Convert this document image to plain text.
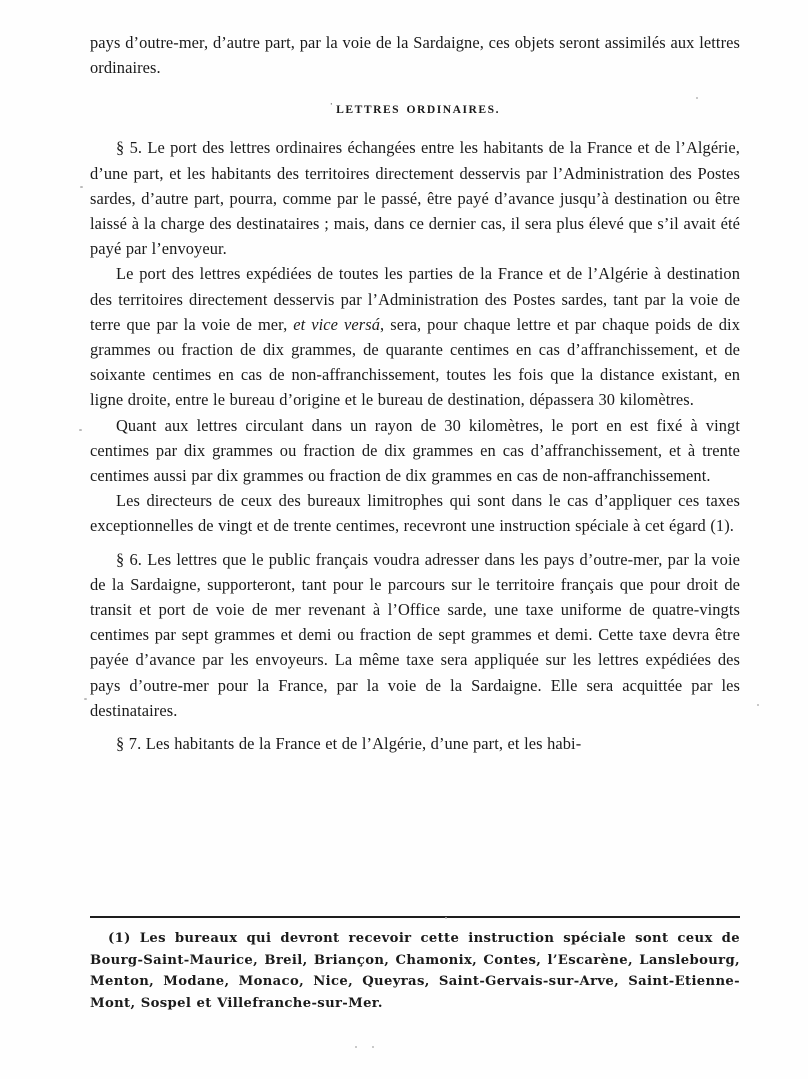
pays d’outre-mer, d’autre part, par la voie de la Sardaigne, ces objets seront assimilés aux lettres ordinaires.

˙ LETTRES ORDINAIRES.

§ 5. Le port des lettres ordinaires échangées entre les habitants de la France et de l’Algérie, d’une part, et les habitants des territoires directement desservis par l’Administration des Postes sardes, d’autre part, pourra, comme par le passé, être payé d’avance jusqu’à destination ou être laissé à la charge des destinataires ; mais, dans ce dernier cas, il sera plus élevé que s’il avait été payé par l’envoyeur.

Le port des lettres expédiées de toutes les parties de la France et de l’Algérie à destination des territoires directement desservis par l’Administration des Postes sardes, tant par la voie de terre que par la voie de mer, et vice versá, sera, pour chaque lettre et par chaque poids de dix grammes ou fraction de dix grammes, de quarante centimes en cas d’affranchissement, et de soixante centimes en cas de non-affranchissement, toutes les fois que la distance existant, en ligne droite, entre le bureau d’origine et le bureau de destination, dépassera 30 kilomètres.

Quant aux lettres circulant dans un rayon de 30 kilomètres, le port en est fixé à vingt centimes par dix grammes ou fraction de dix grammes en cas d’affranchissement, et à trente centimes aussi par dix grammes ou fraction de dix grammes en cas de non-affranchissement.

Les directeurs de ceux des bureaux limitrophes qui sont dans le cas d’appliquer ces taxes exceptionnelles de vingt et de trente centimes, recevront une instruction spéciale à cet égard (1).

§ 6. Les lettres que le public français voudra adresser dans les pays d’outre-mer, par la voie de la Sardaigne, supporteront, tant pour le parcours sur le territoire français que pour droit de transit et port de voie de mer revenant à l’Office sarde, une taxe uniforme de quatre-vingts centimes par sept grammes et demi ou fraction de sept grammes et demi. Cette taxe devra être payée d’avance par les envoyeurs. La même taxe sera appliquée sur les lettres expédiées des pays d’outre-mer pour la France, par la voie de la Sardaigne. Elle sera acquittée par les destinataires.

§ 7. Les habitants de la France et de l’Algérie, d’une part, et les habi-

(1) Les bureaux qui devront recevoir cette instruction spéciale sont ceux de Bourg-Saint-Maurice, Breil, Briançon, Chamonix, Contes, l’Escarène, Lanslebourg, Menton, Modane, Monaco, Nice, Queyras, Saint-Gervais-sur-Arve, Saint-Etienne-Mont, Sospel et Villefranche-sur-Mer.
